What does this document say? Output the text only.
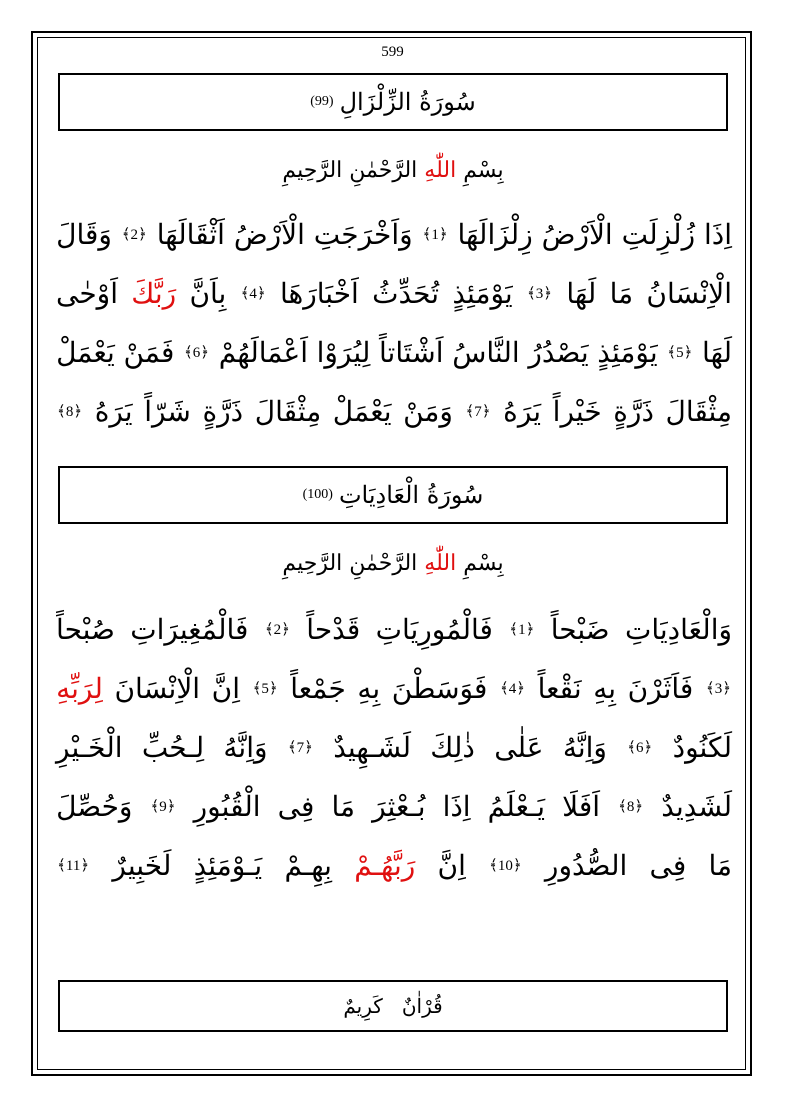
599
سُورَةُ الزِّلْزَالِ
(99)
بِسْمِ اللّٰهِ الرَّحْمٰنِ الرَّحِيمِ
اِذَا
زُلْزِلَتِ
الْاَرْضُ
زِلْزَالَهَا
﴿1﴾
وَاَخْرَجَتِ
الْاَرْضُ
اَثْقَالَهَا
﴿2﴾
وَقَالَ
الْاِنْسَانُ
مَا
لَهَا
﴿3﴾
يَوْمَئِذٍ
تُحَدِّثُ
اَخْبَارَهَا
﴿4﴾
بِاَنَّ
رَبَّكَ
اَوْحٰى
لَهَا
﴿5﴾
يَوْمَئِذٍ
يَصْدُرُ
النَّاسُ
اَشْتَاتاً
لِيُرَوْا
اَعْمَالَهُمْ
﴿6﴾
فَمَنْ
يَعْمَلْ
مِثْقَالَ
ذَرَّةٍ
خَيْراً
يَرَهُ
﴿7﴾
وَمَنْ
يَعْمَلْ
مِثْقَالَ
ذَرَّةٍ
شَرّاً
يَرَهُ
﴿8﴾
سُورَةُ الْعَادِيَاتِ
(100)
بِسْمِ اللّٰهِ الرَّحْمٰنِ الرَّحِيمِ
وَالْعَادِيَاتِ
ضَبْحاً
﴿1﴾
فَالْمُورِيَاتِ
قَدْحاً
﴿2﴾
فَالْمُغِيرَاتِ
صُبْحاً
﴿3﴾
فَاَثَرْنَ
بِهِ
نَقْعاً
﴿4﴾
فَوَسَطْنَ
بِهِ
جَمْعاً
﴿5﴾
اِنَّ
الْاِنْسَانَ
لِرَبِّهِ
لَكَنُودٌ
﴿6﴾
وَاِنَّهُ
عَلٰى
ذٰلِكَ
لَشَـهِيدٌ
﴿7﴾
وَاِنَّهُ
لِـحُبِّ
الْخَـيْرِ
لَشَدِيدٌ
﴿8﴾
اَفَلَا
يَـعْلَمُ
اِذَا
بُـعْثِرَ
مَا
فِى
الْقُبُورِ
﴿9﴾
وَحُصِّلَ
مَا
فِى
الصُّدُورِ
﴿10﴾
اِنَّ
رَبَّهُـمْ
بِهِـمْ
يَـوْمَئِذٍ
لَخَبِيرٌ
﴿11﴾
قُرْاٰنٌ   كَرِيمٌ
